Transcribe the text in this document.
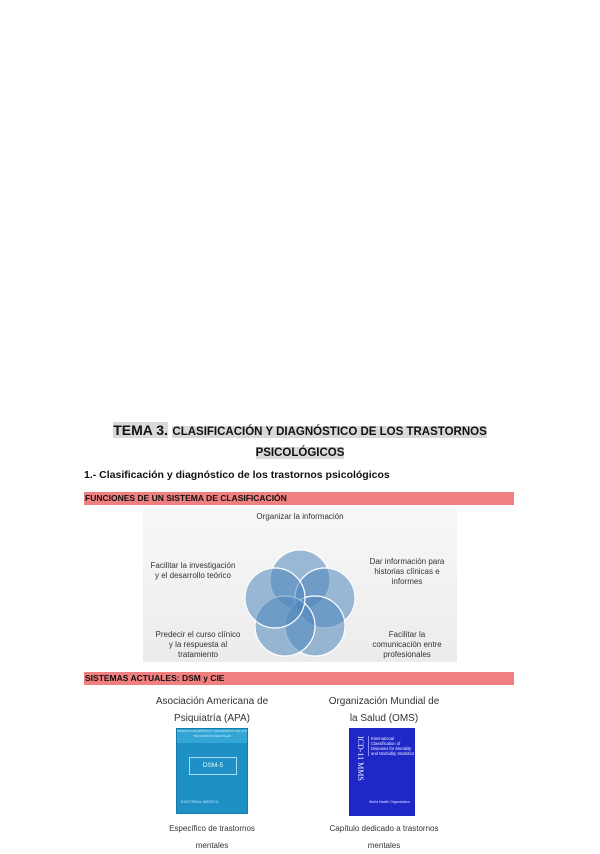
TEMA 3. CLASIFICACIÓN Y DIAGNÓSTICO DE LOS TRASTORNOS
PSICOLÓGICOS
1.- Clasificación y diagnóstico de los trastornos psicológicos
FUNCIONES DE UN SISTEMA DE CLASIFICACIÓN
Organizar la información
Facilitar la investigación
y el desarrollo teórico
Dar información para
historias clínicas e
informes
Predecir el curso clínico
y la respuesta al
tratamiento
Facilitar la
comunicación entre
profesionales
SISTEMAS ACTUALES: DSM y CIE
Asociación Americana de
Psiquiatría (APA)
Organización Mundial de
la Salud (OMS)
MANUAL DIAGNÓSTICO Y ESTADÍSTICO DE LOS TRASTORNOS MENTALES
DSM-5
EDITORIAL MÉDICA
ICD-11 MMS	International Classification of Diseases for Mortality and Morbidity Statistics
World Health Organization
Específico de trastornos
mentales
Capítulo dedicado a trastornos
mentales
